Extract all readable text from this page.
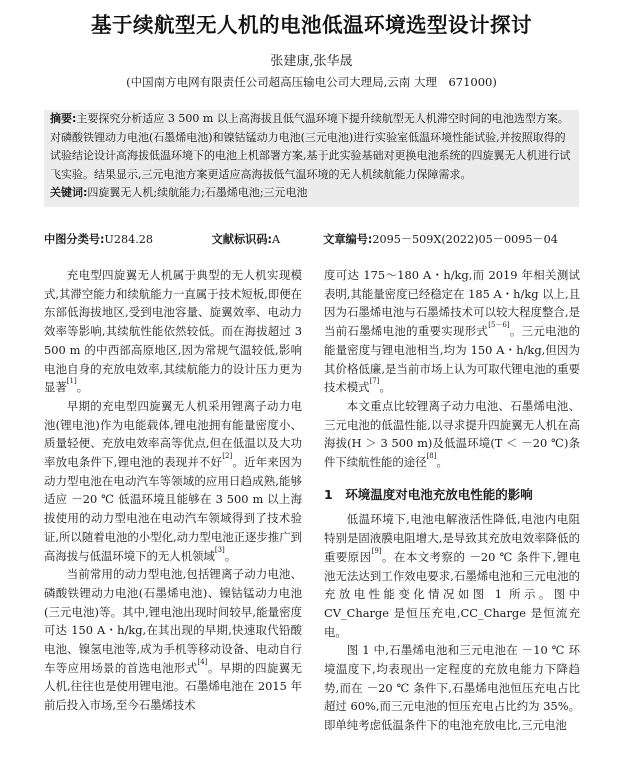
基于续航型无人机的电池低温环境选型设计探讨
张建康,张华晟
(中国南方电网有限责任公司超高压输电公司大理局,云南 大理　671000)
摘要:主要探究分析适应 3 500 m 以上高海拔且低气温环境下提升续航型无人机滞空时间的电池选型方案。对磷酸铁锂动力电池(石墨烯电池)和镍钴锰动力电池(三元电池)进行实验室低温环境性能试验,并按照取得的试验结论设计高海拔低温环境下的电池上机部署方案,基于此实验基础对更换电池系统的四旋翼无人机进行试飞实验。结果显示,三元电池方案更适应高海拔低气温环境的无人机续航能力保障需求。
关键词:四旋翼无人机;续航能力;石墨烯电池;三元电池
中图分类号:U284.28	文献标识码:A	文章编号:2095－509X(2022)05－0095－04

充电型四旋翼无人机属于典型的无人机实现模式,其滞空能力和续航能力一直属于技术短板,即便在东部低海拔地区,受到电池容量、旋翼效率、电动力效率等影响,其续航性能依然较低。而在海拔超过 3 500 m 的中西部高原地区,因为常规气温较低,影响电池自身的充放电效率,其续航能力的设计压力更为显著[1]。

早期的充电型四旋翼无人机采用锂离子动力电池(锂电池)作为电能载体,锂电池拥有能量密度小、质量轻便、充放电效率高等优点,但在低温以及大功率放电条件下,锂电池的表现并不好[2]。近年来因为动力型电池在电动汽车等领域的应用日趋成熟,能够适应 －20 ℃ 低温环境且能够在 3 500 m 以上海拔使用的动力型电池在电动汽车领域得到了技术验证,所以随着电池的小型化,动力型电池正逐步推广到高海拔与低温环境下的无人机领域[3]。

当前常用的动力型电池,包括锂离子动力电池、磷酸铁锂动力电池(石墨烯电池)、镍钴锰动力电池(三元电池)等。其中,锂电池出现时间较早,能量密度可达 150 A・h/kg,在其出现的早期,快速取代铅酸电池、镍氢电池等,成为手机等移动设备、电动自行车等应用场景的首选电池形式[4]。早期的四旋翼无人机,往往也是使用锂电池。石墨烯电池在 2015 年前后投入市场,至今石墨烯技术

度可达 175～180 A・h/kg,而 2019 年相关测试表明,其能量密度已经稳定在 185 A・h/kg 以上,且因为石墨烯电池与石墨烯技术可以较大程度整合,是当前石墨烯电池的重要实现形式[5－6]。三元电池的能量密度与锂电池相当,均为 150 A・h/kg,但因为其价格低廉,是当前市场上认为可取代锂电池的重要技术模式[7]。

本文重点比较锂离子动力电池、石墨烯电池、三元电池的低温性能,以寻求提升四旋翼无人机在高海拔(H ＞ 3 500 m)及低温环境(T ＜ －20 ℃)条件下续航性能的途径[8]。

1　环境温度对电池充放电性能的影响

低温环境下,电池电解液活性降低,电池内电阻特别是固液膜电阻增大,是导致其充放电效率降低的重要原因[9]。在本文考察的 －20 ℃ 条件下,锂电池无法达到工作效电要求,石墨烯电池和三元电池的充放电性能变化情况如图 1 所示。图中 CV_Charge 是恒压充电,CC_Charge 是恒流充电。

图 1 中,石墨烯电池和三元电池在 －10 ℃ 环境温度下,均表现出一定程度的充放电能力下降趋势,而在 －20 ℃ 条件下,石墨烯电池恒压充电占比超过 60%,而三元电池的恒压充电占比约为 35%。即单纯考虑低温条件下的电池充放电比,三元电池
